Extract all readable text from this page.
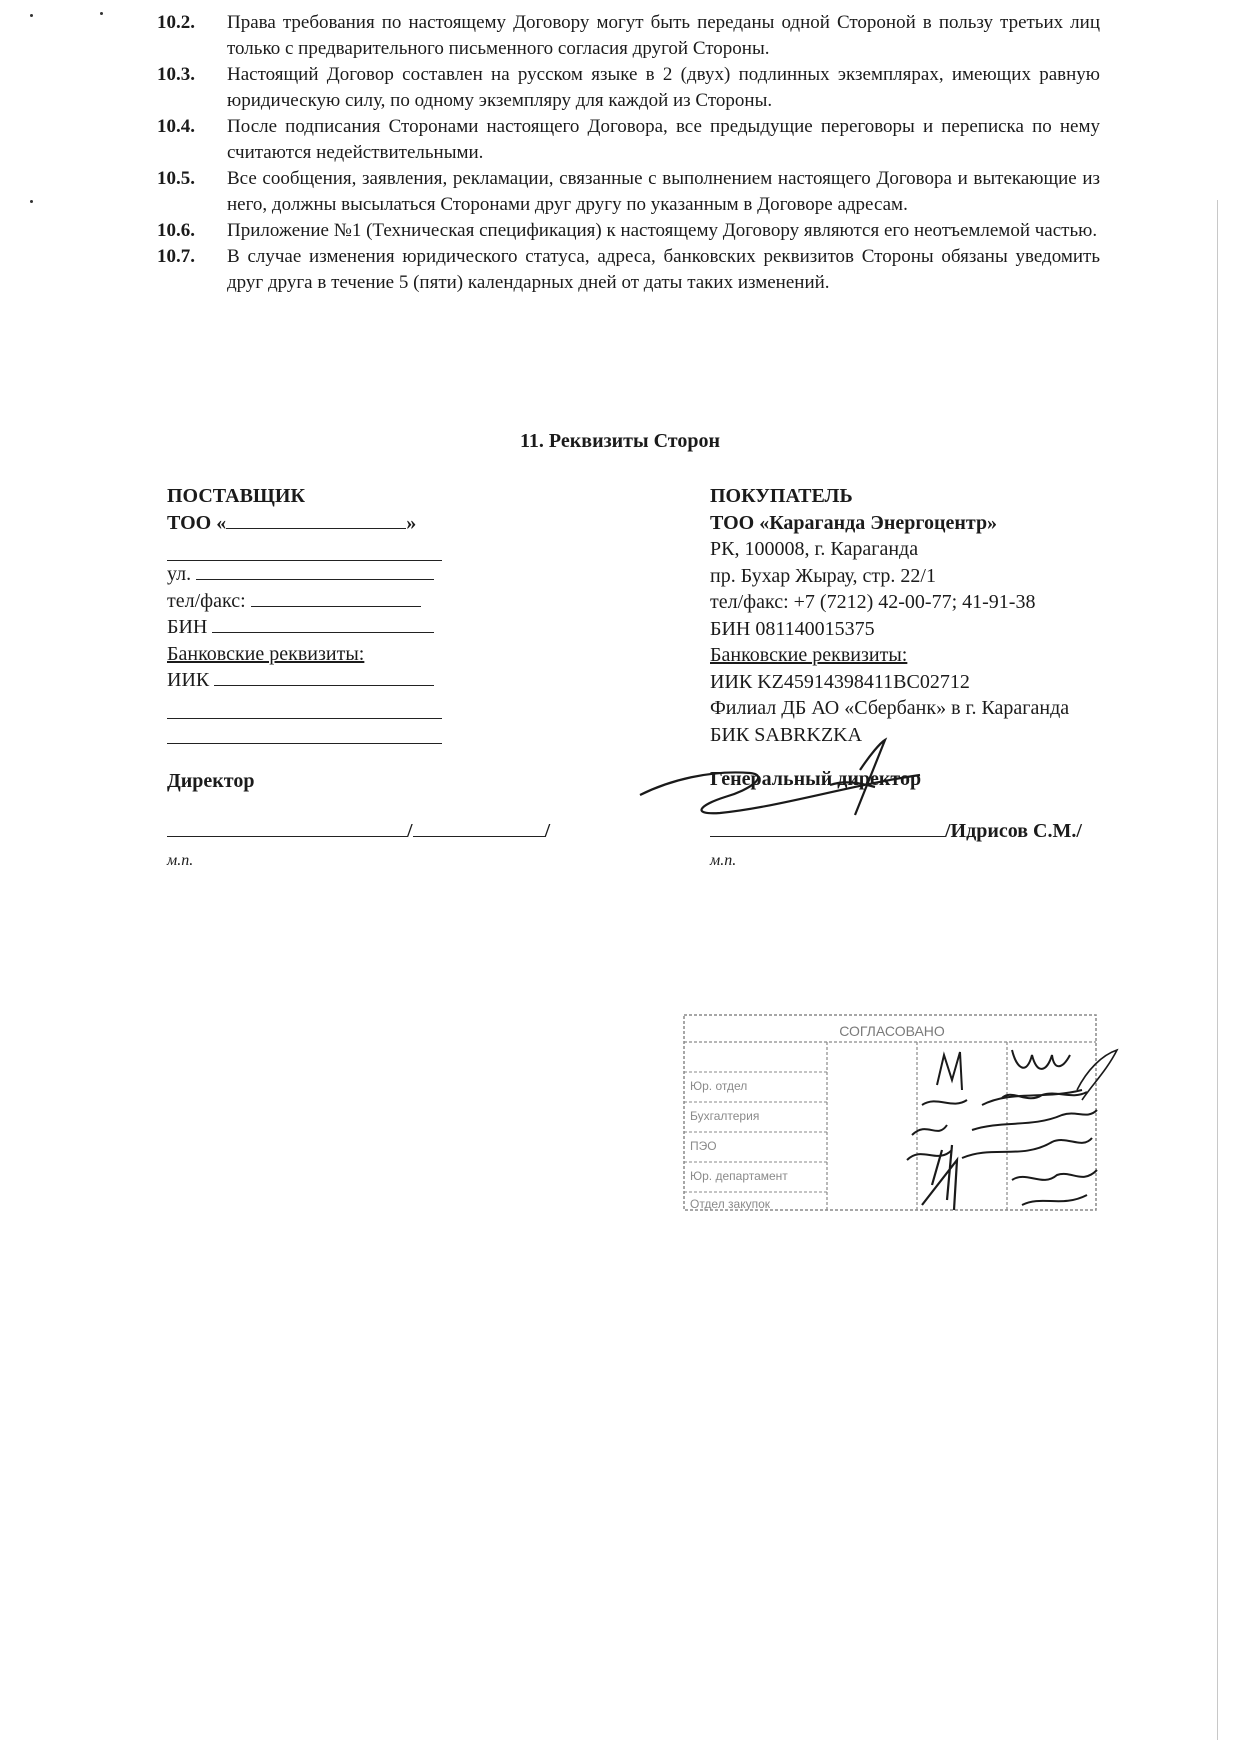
10.2.	Права требования по настоящему Договору могут быть переданы одной Стороной в пользу третьих лиц только с предварительного письменного согласия другой Стороны.
10.3.	Настоящий Договор составлен на русском языке в 2 (двух) подлинных экземплярах, имеющих равную юридическую силу, по одному экземпляру для каждой из Стороны.
10.4.	После подписания Сторонами настоящего Договора, все предыдущие переговоры и переписка по нему считаются недействительными.
10.5.	Все сообщения, заявления, рекламации, связанные с выполнением настоящего Договора и вытекающие из него, должны высылаться Сторонами друг другу по указанным в Договоре адресам.
10.6.	Приложение №1 (Техническая спецификация) к настоящему Договору являются его неотъемлемой частью.
10.7.	В случае изменения юридического статуса, адреса, банковских реквизитов Стороны обязаны уведомить друг друга в течение 5 (пяти) календарных дней от даты таких изменений.
11. Реквизиты Сторон
ПОСТАВЩИК
ТОО «	»
ул.
тел/факс:
БИН
Банковские реквизиты:
ИИК
Директор
/	/
м.п.
ПОКУПАТЕЛЬ
ТОО «Караганда Энергоцентр»
РК, 100008, г. Караганда
пр. Бухар Жырау, стр. 22/1
тел/факс: +7 (7212) 42-00-77; 41-91-38
БИН 081140015375
Банковские реквизиты:
ИИК KZ45914398411BC02712
Филиал ДБ АО «Сбербанк» в г. Караганда
БИК SABRKZKA
Генеральный директор
/Идрисов С.М./
м.п.
СОГЛАСОВАНО
Юр. отдел
Бухгалтерия
ПЭО
Юр. департамент
Отдел закупок
